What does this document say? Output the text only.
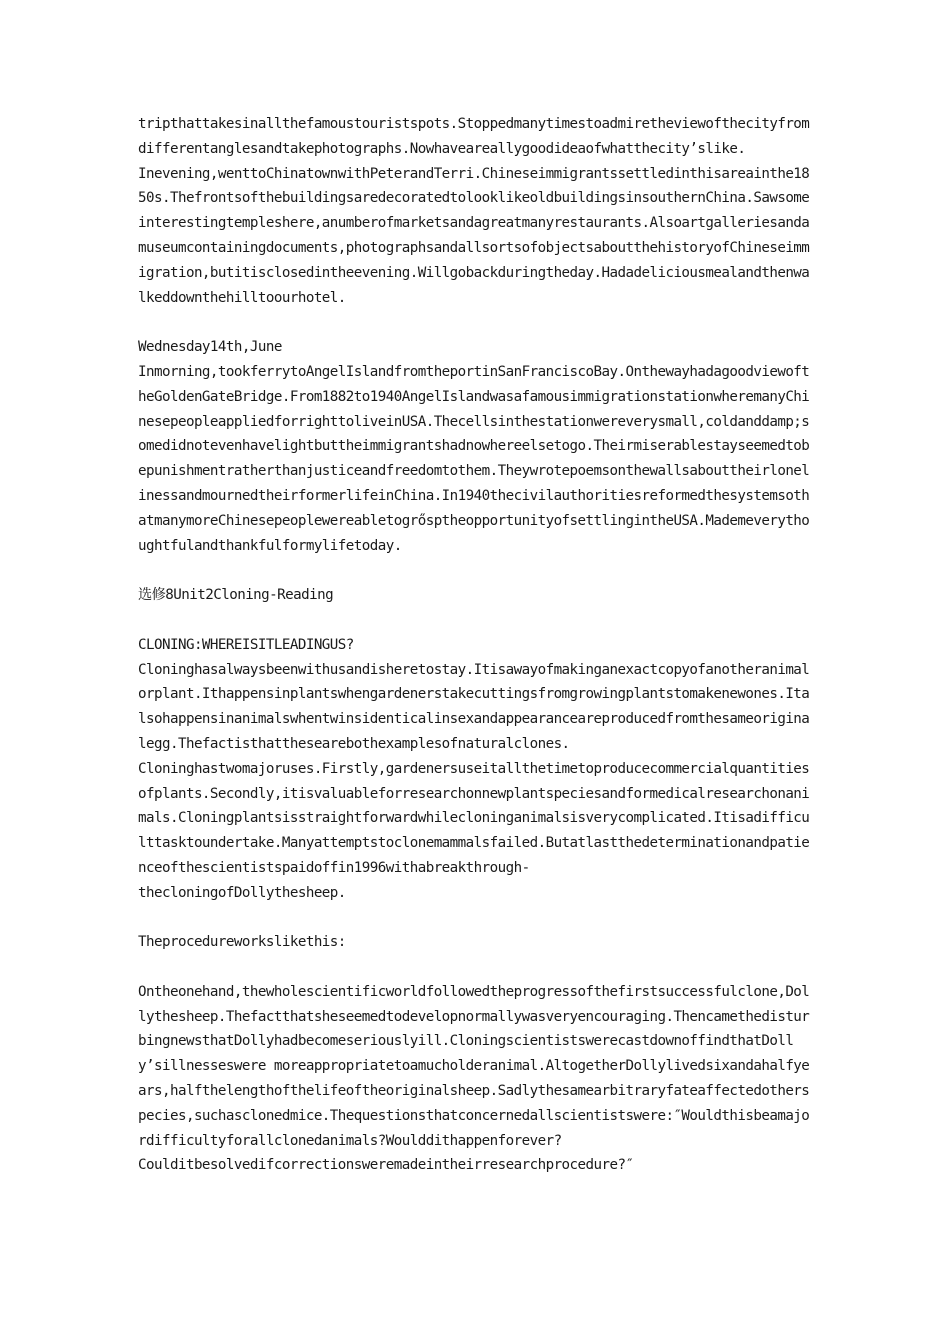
tripthattakesinallthefamoustouristspots.Stoppedmanytimestoadmiretheviewofthecityfromdifferentanglesandtakephotographs.Nowhaveareallygoodideaofwhatthecity’slike.

Inevening,wenttoChinatownwithPeterandTerri.Chineseimmigrantssettledinthisareainthe1850s.ThefrontsofthebuildingsaredecoratedtolooklikeoldbuildingsinsouthernChina.Sawsomeinterestingtempleshere,anumberofmarketsandagreatmanyrestaurants.Alsoartgalleriesandamuseumcontainingdocuments,photographsandallsortsofobjectsaboutthehistoryofChineseimmigration,butitisclosedintheevening.Willgobackduringtheday.Hadadeliciousmealandthenwalkeddownthehilltoourhotel.

Wednesday14th,June

Inmorning,tookferrytoAngelIslandfromtheportinSanFranciscoBay.OnthewayhadagoodviewoftheGoldenGateBridge.From1882to1940AngelIslandwasafamousimmigrationstationwheremanyChinesepeopleappliedforrighttoliveinUSA.Thecellsinthestationwereverysmall,coldanddamp;somedidnotevenhavelightbuttheimmigrantshadnowhereelsetogo.Theirmiserablestayseemedtobepunishmentratherthanjusticeandfreedomtothem.TheywrotepoemsonthewallsabouttheirlonelinessandmournedtheirformerlifeinChina.In1940thecivilauthoritiesreformedthesystemsothatmanymoreChinesepeoplewereabletogrősptheopportunityofsettlingintheUSA.Mademeverythoughtfulandthankfulformylifetoday.

选修8Unit2Cloning-Reading

CLONING:WHEREISITLEADINGUS?

Cloninghasalwaysbeenwithusandisheretostay.Itisawayofmakinganexactcopyofanotheranimalorplant.Ithappensinplantswhengardenerstakecuttingsfromgrowingplantstomakenewones.Italsohappensinanimalswhentwinsidenticalinsexandappearanceareproducedfromthesameoriginalegg.Thefactisthatthesearebothexamplesofnaturalclones.

Cloninghastwomajoruses.Firstly,gardenersuseitallthetimetoproducecommercialquantitiesofplants.Secondly,itisvaluableforresearchonnewplantspeciesandformedicalresearchonanimals.Cloningplantsisstraightforwardwhilecloninganimalsisverycomplicated.Itisadifficulttasktoundertake.Manyattemptstoclonemammalsfailed.Butatlastthedeterminationandpatienceofthescientistspaidoffin1996withabreakthrough-

thecloningofDollythesheep.

Theprocedureworkslikethis:

Ontheonehand,thewholescientificworldfollowedtheprogressofthefirstsuccessfulclone,Dollythesheep.Thefactthatsheseemedtodevelopnormallywasveryencouraging.ThencamethedisturbingnewsthatDollyhadbecomeseriouslyill.CloningscientistswerecastdownoffindthatDolly’sillnesseswere moreappropriatetoamucholderanimal.AltogetherDollylivedsixandahalfyears,halfthelengthofthelifeoftheoriginalsheep.Sadlythesamearbitraryfateaffectedotherspecies,suchasclonedmice.Thequestionsthatconcernedallscientistswere:″Wouldthisbeamajordifficultyforallclonedanimals?Woulddithappenforever?

Coulditbesolvedifcorrectionsweremadeintheirresearchprocedure?″
